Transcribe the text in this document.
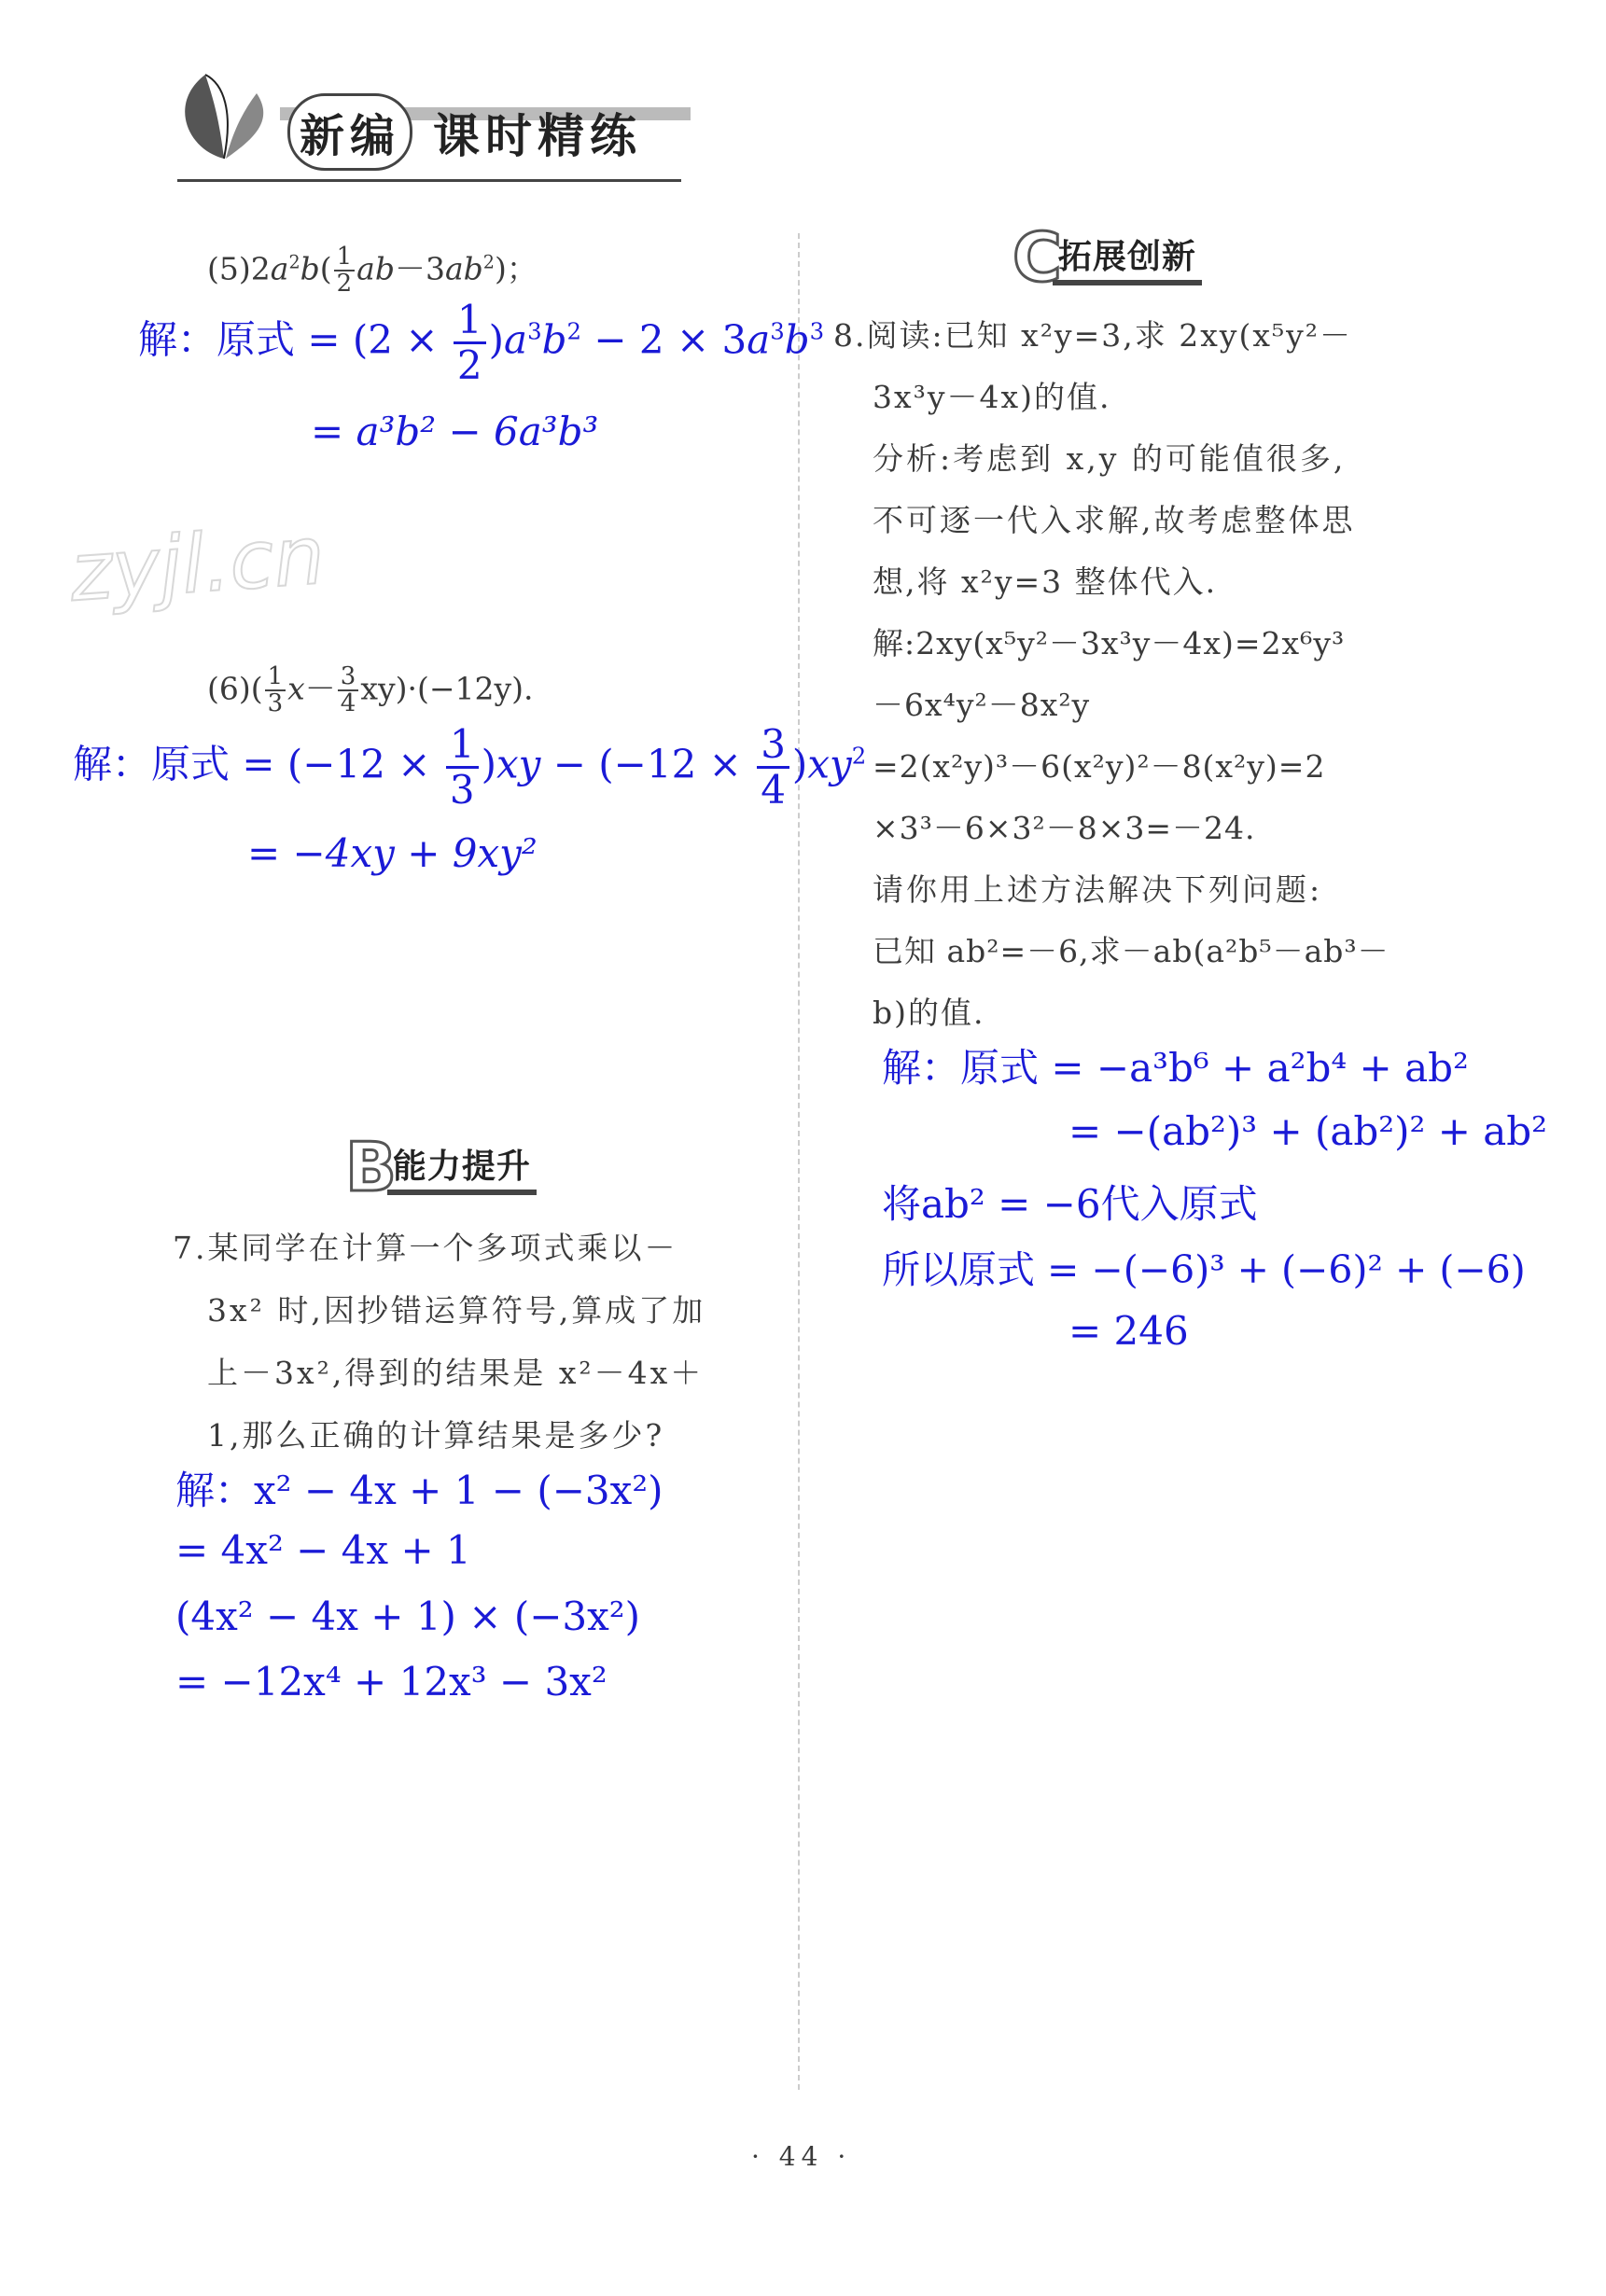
新编 课时精练
zyjl.cn
$(5)2a^2b( \frac{1}{2} ab-3ab^2)$；
解：原式 = $(2 \times \frac{1}{2} )a^3b^2 - 2 \times 3a^3b^3$
= a³b² − 6a³b³
$(6)( \frac{1}{3} x- \frac{3}{4} xy)\cdot(-12y)$.
解：原式 = $(-12 \times \frac{1}{3} )xy - (-12 \times \frac{3}{4} )xy^2$
= −4xy + 9xy²
B
能力提升
7.某同学在计算一个多项式乘以－
3x² 时,因抄错运算符号,算成了加
上－3x²,得到的结果是 x²－4x＋
1,那么正确的计算结果是多少?
解：x² − 4x + 1 − (−3x²)
= 4x² − 4x + 1
(4x² − 4x + 1) × (−3x²)
= −12x⁴ + 12x³ − 3x²
C
拓展创新
8.阅读:已知 x²y=3,求 2xy(x⁵y²－
3x³y－4x)的值.
分析:考虑到 x,y 的可能值很多,
不可逐一代入求解,故考虑整体思
想,将 x²y=3 整体代入.
解:2xy(x⁵y²－3x³y－4x)=2x⁶y³
－6x⁴y²－8x²y
=2(x²y)³－6(x²y)²－8(x²y)=2
×3³－6×3²－8×3=－24.
请你用上述方法解决下列问题:
已知 ab²=－6,求－ab(a²b⁵－ab³－
b)的值.
解：原式 = −a³b⁶ + a²b⁴ + ab²
= −(ab²)³ + (ab²)² + ab²
将ab² = −6代入原式
所以原式 = −(−6)³ + (−6)² + (−6)
= 246
· 44 ·
